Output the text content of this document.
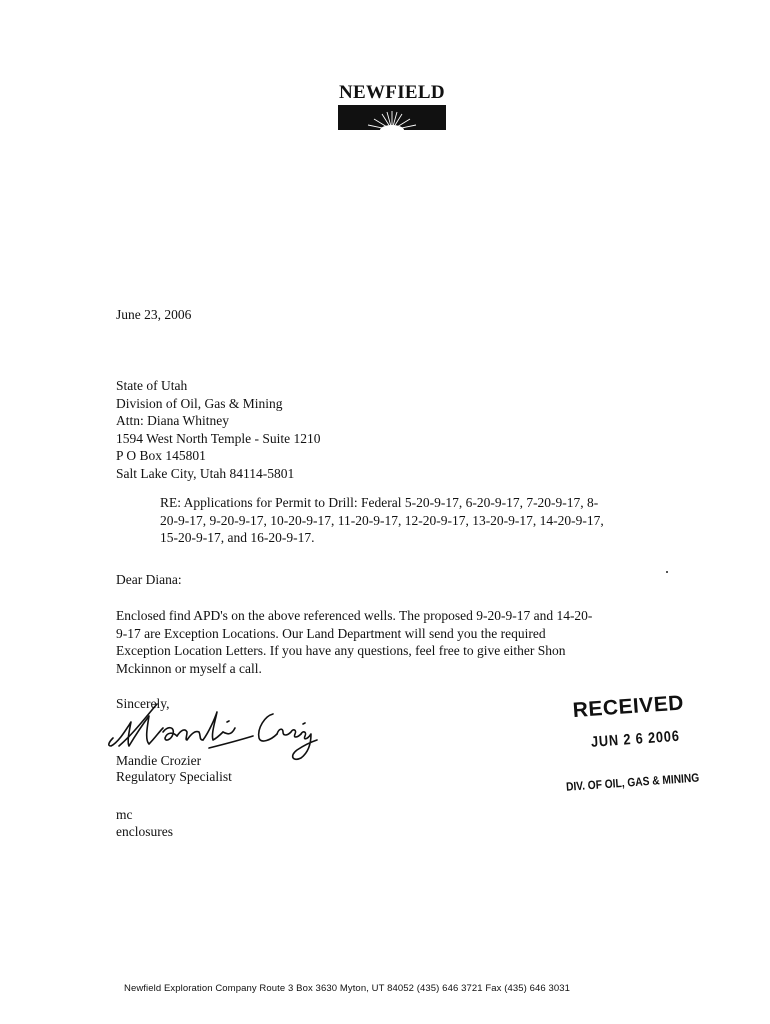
NEWFIELD
June 23, 2006
State of Utah
Division of Oil, Gas & Mining
Attn: Diana Whitney
1594 West North Temple - Suite 1210
P O Box 145801
Salt Lake City, Utah 84114-5801
RE: Applications for Permit to Drill: Federal 5-20-9-17, 6-20-9-17, 7-20-9-17, 8-
20-9-17, 9-20-9-17, 10-20-9-17, 11-20-9-17, 12-20-9-17, 13-20-9-17, 14-20-9-17,
15-20-9-17, and 16-20-9-17.
Dear Diana:
Enclosed find APD's on the above referenced wells. The proposed 9-20-9-17 and 14-20-
9-17 are Exception Locations. Our Land Department will send you the required
Exception Location Letters. If you have any questions, feel free to give either Shon
Mckinnon or myself a call.
Sincerely,
Mandie Crozier
Regulatory Specialist
mc
enclosures
RECEIVED
JUN 2 6 2006
DIV. OF OIL, GAS & MINING
Newfield Exploration Company Route 3 Box 3630 Myton, UT 84052 (435) 646 3721 Fax (435) 646 3031
